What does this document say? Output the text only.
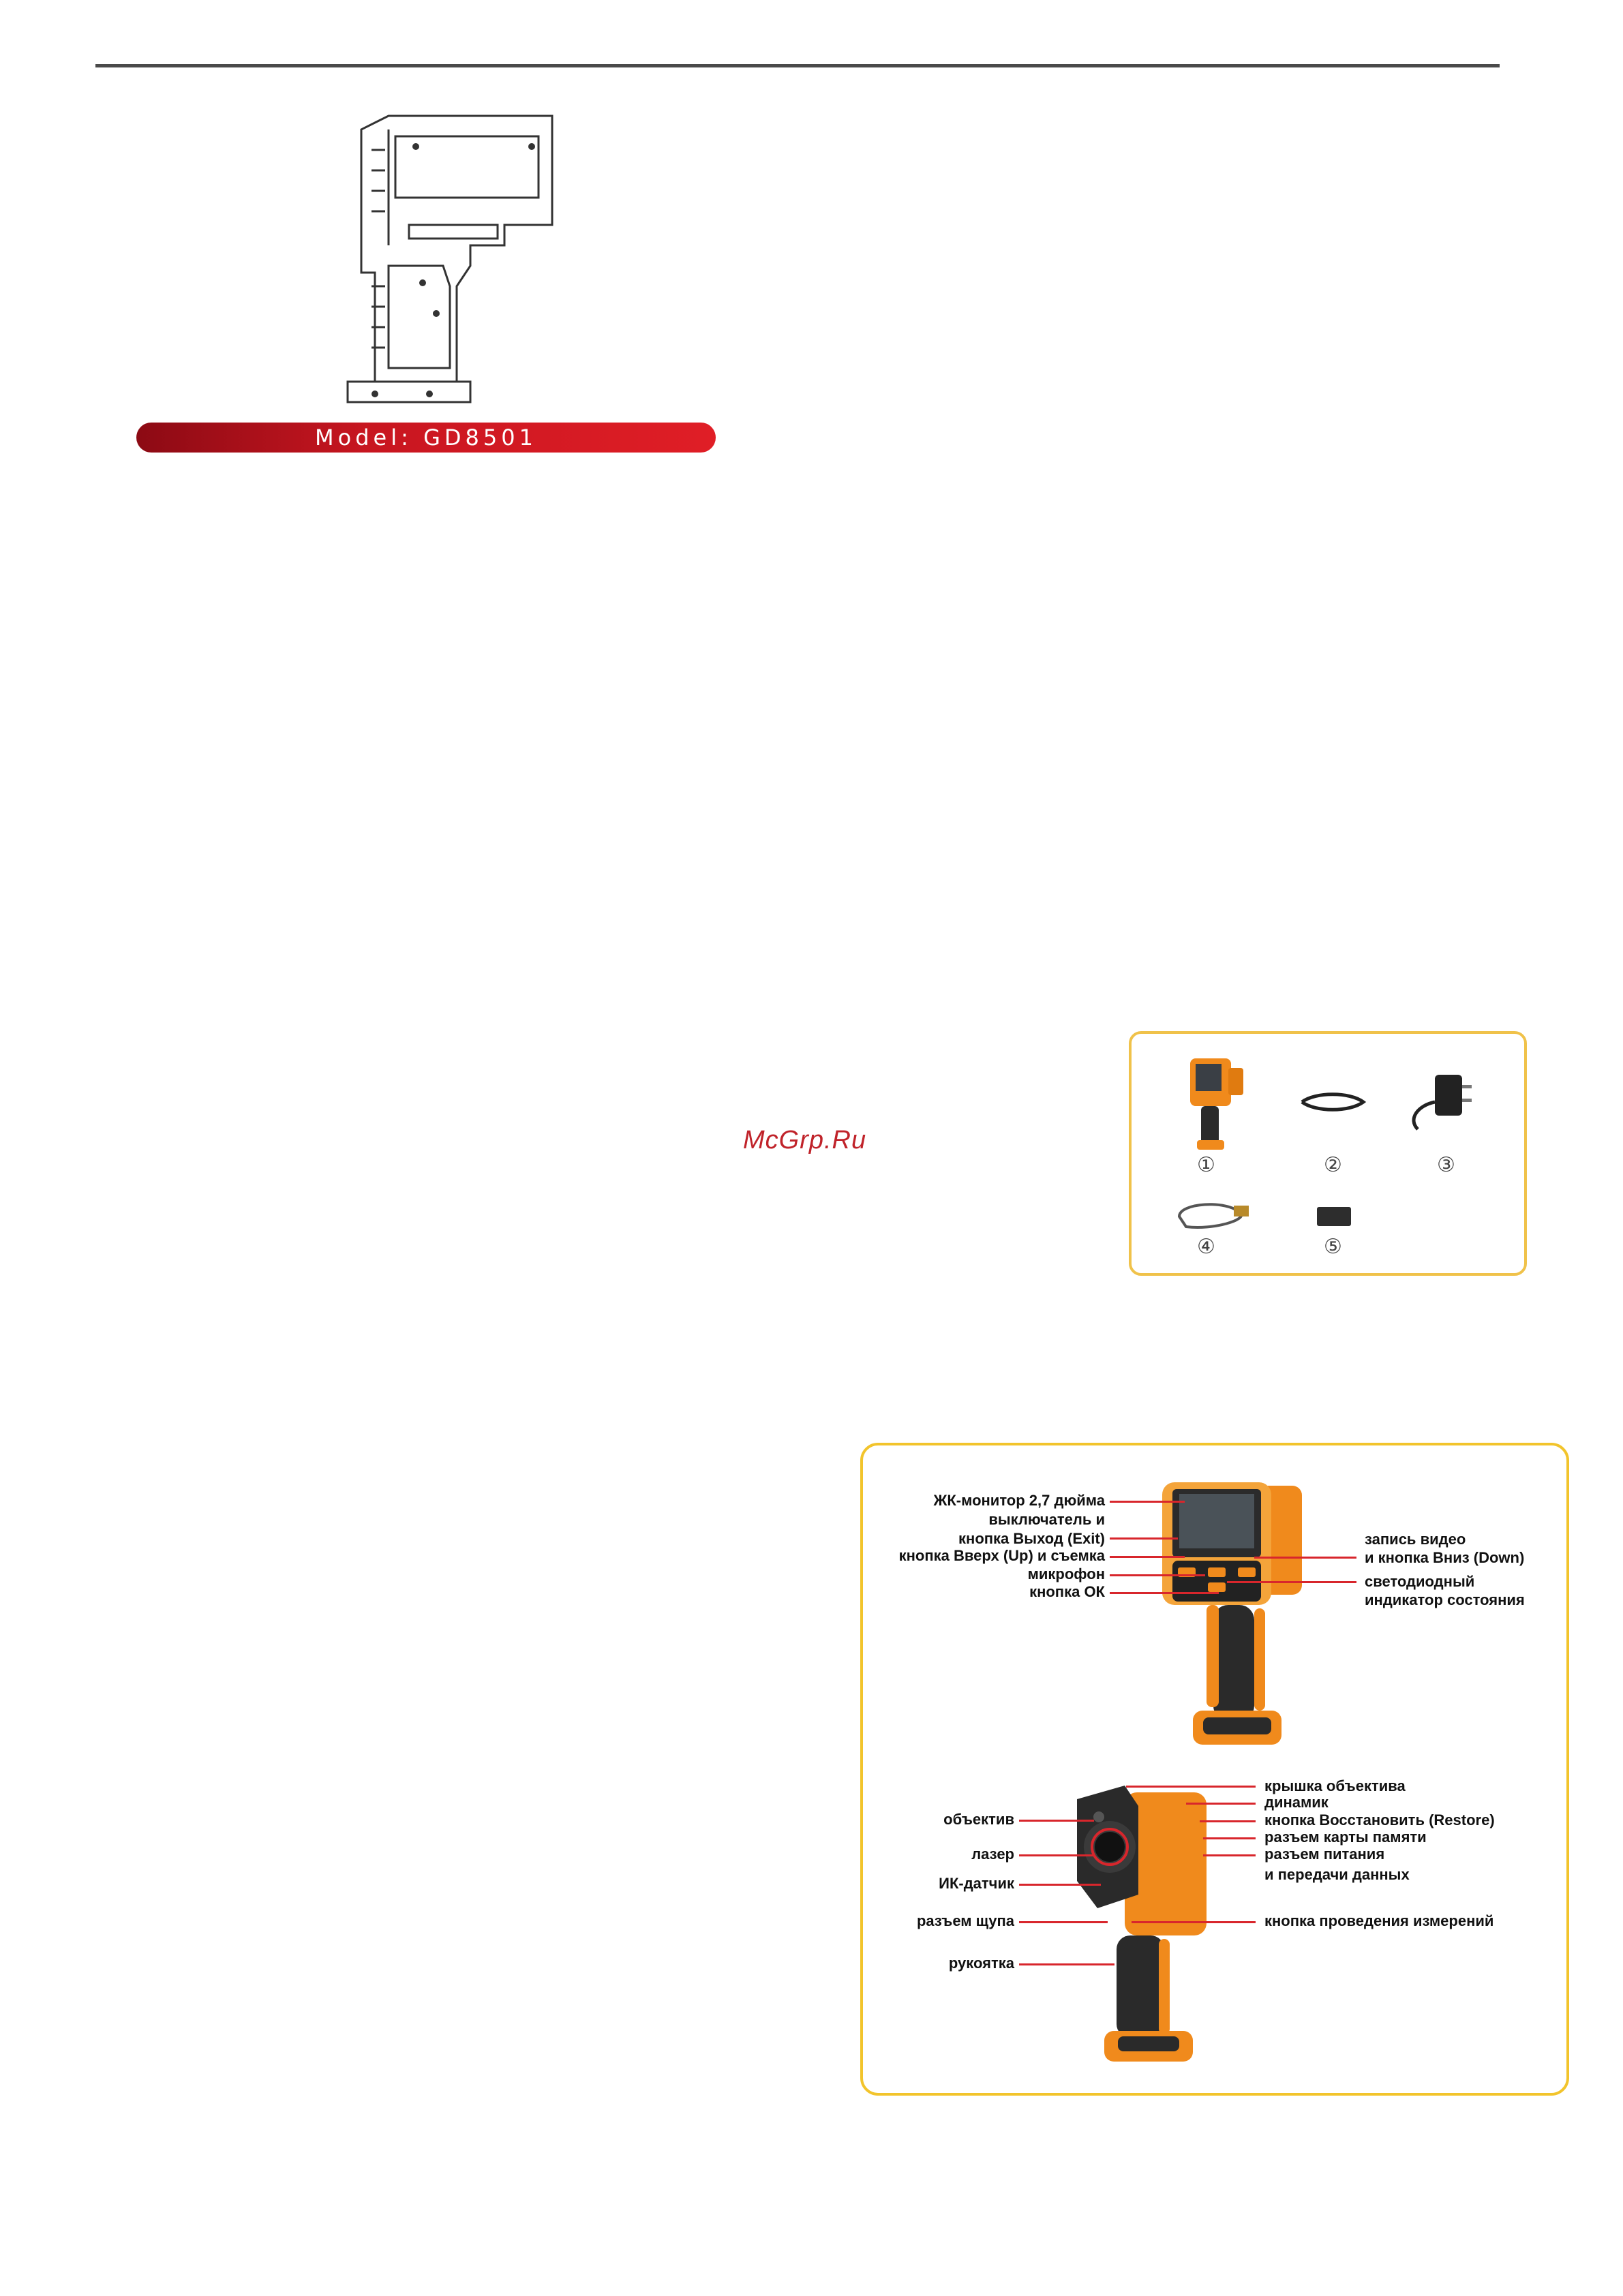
Model: GD8501
McGrp.Ru
①	②	③
④	⑤
ЖК-монитор 2,7 дюйма
выключатель и
кнопка Выход (Exit)
кнопка Вверх (Up) и съемка
микрофон
кнопка ОК
запись видео
и кнопка Вниз (Down)
светодиодный
индикатор состояния
объектив
лазер
ИК-датчик
разъем щупа
рукоятка
крышка объектива
динамик
кнопка Восстановить (Restore)
разъем карты памяти
разъем питания
и передачи данных
кнопка проведения измерений
